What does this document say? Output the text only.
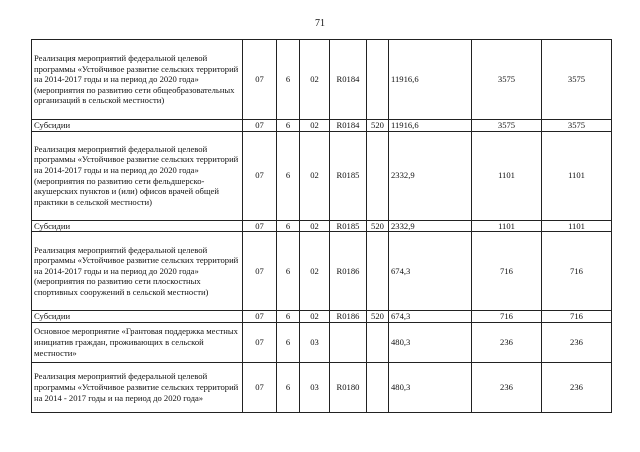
71
Реализация мероприятий федеральной целевой программы «Устойчивое развитие сельских территорий на 2014-2017 годы и на период до 2020 года» (мероприятия по развитию сети общеобразовательных организаций в сельской местности)	07	6	02	R0184		11916,6	3575	3575
Субсидии	07	6	02	R0184	520	11916,6	3575	3575
Реализация мероприятий федеральной целевой программы «Устойчивое развитие сельских территорий на 2014-2017 годы и на период до 2020 года» (мероприятия по развитию сети фельдшерско-акушерских пунктов и (или) офисов врачей общей практики в сельской местности)	07	6	02	R0185		2332,9	1101	1101
Субсидии	07	6	02	R0185	520	2332,9	1101	1101
Реализация мероприятий федеральной целевой программы «Устойчивое развитие сельских территорий на 2014-2017 годы и на период до 2020 года» (мероприятия по развитию сети плоскостных спортивных сооружений в сельской местности)	07	6	02	R0186		674,3	716	716
Субсидии	07	6	02	R0186	520	674,3	716	716
Основное мероприятие «Грантовая поддержка местных инициатив граждан, проживающих в сельской местности»	07	6	03			480,3	236	236
Реализация мероприятий федеральной целевой программы «Устойчивое развитие сельских территорий на 2014 - 2017 годы и на период до 2020 года»	07	6	03	R0180		480,3	236	236
